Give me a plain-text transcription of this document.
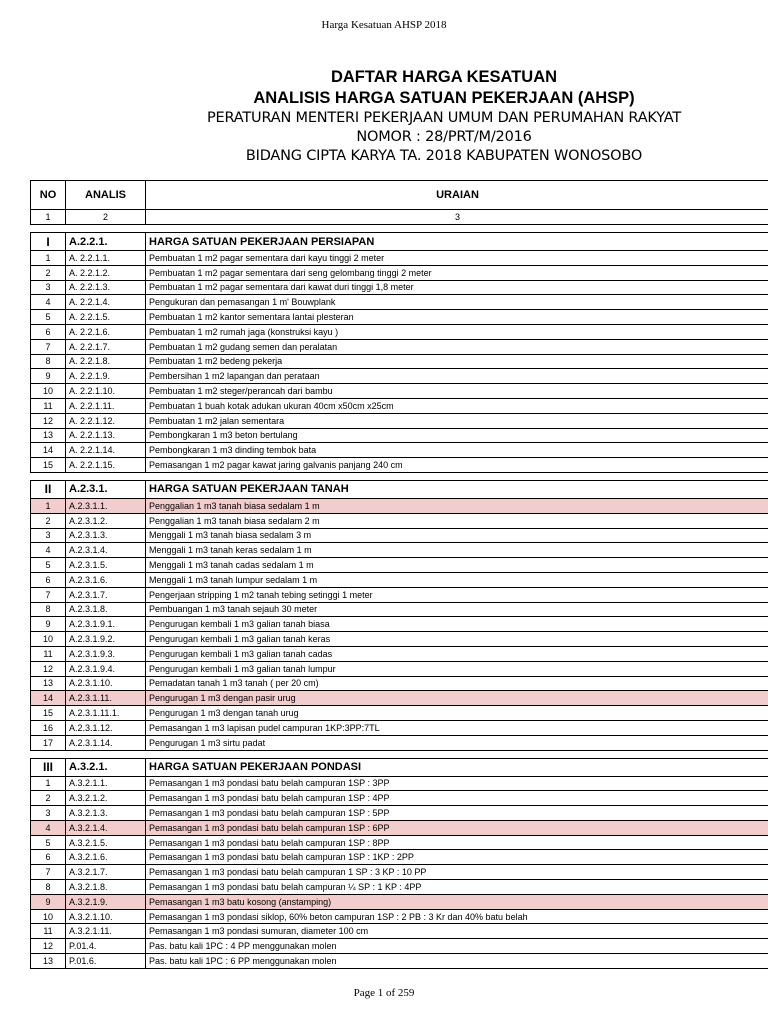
Harga Kesatuan AHSP 2018
DAFTAR HARGA KESATUAN
ANALISIS HARGA SATUAN PEKERJAAN (AHSP)
PERATURAN MENTERI PEKERJAAN UMUM DAN PERUMAHAN RAKYAT
NOMOR : 28/PRT/M/2016
BIDANG CIPTA KARYA TA. 2018 KABUPATEN WONOSOBO
NO	ANALIS	URAIAN
1	2	3

I	A.2.2.1.	HARGA SATUAN PEKERJAAN PERSIAPAN
1	A. 2.2.1.1.	Pembuatan 1 m2 pagar sementara dari kayu tinggi 2 meter
2	A. 2.2.1.2.	Pembuatan 1 m2 pagar sementara dari seng gelombang tinggi 2 meter
3	A. 2.2.1.3.	Pembuatan 1 m2 pagar sementara dari kawat duri tinggi 1,8 meter
4	A. 2.2.1.4.	Pengukuran dan pemasangan 1 m' Bouwplank
5	A. 2.2.1.5.	Pembuatan 1 m2 kantor sementara lantai plesteran
6	A. 2.2.1.6.	Pembuatan 1 m2 rumah jaga (konstruksi kayu )
7	A. 2.2.1.7.	Pembuatan 1 m2 gudang semen dan peralatan
8	A. 2.2.1.8.	Pembuatan 1 m2 bedeng pekerja
9	A. 2.2.1.9.	Pembersihan 1 m2 lapangan dan perataan
10	A. 2.2.1.10.	Pembuatan 1 m2 steger/perancah dari bambu
11	A. 2.2.1.11.	Pembuatan 1 buah kotak adukan ukuran 40cm x50cm x25cm
12	A. 2.2.1.12.	Pembuatan 1 m2 jalan sementara
13	A. 2.2.1.13.	Pembongkaran 1 m3 beton bertulang
14	A. 2.2.1.14.	Pembongkaran 1 m3 dinding tembok bata
15	A. 2.2.1.15.	Pemasangan 1 m2 pagar kawat jaring galvanis panjang 240 cm

II	A.2.3.1.	HARGA SATUAN PEKERJAAN TANAH
1	A.2.3.1.1.	Penggalian 1 m3 tanah biasa sedalam 1 m
2	A.2.3.1.2.	Penggalian 1 m3 tanah biasa sedalam 2 m
3	A.2.3.1.3.	Menggali 1 m3 tanah biasa sedalam 3 m
4	A.2.3.1.4.	Menggali 1 m3 tanah keras sedalam 1 m
5	A.2.3.1.5.	Menggali 1 m3 tanah cadas sedalam 1 m
6	A.2.3.1.6.	Menggali 1 m3 tanah lumpur sedalam 1 m
7	A.2.3.1.7.	Pengerjaan stripping 1 m2 tanah tebing setinggi 1 meter
8	A.2.3.1.8.	Pembuangan 1 m3 tanah sejauh 30 meter
9	A.2.3.1.9.1.	Pengurugan kembali 1 m3 galian tanah biasa
10	A.2.3.1.9.2.	Pengurugan kembali 1 m3 galian tanah keras
11	A.2.3.1.9.3.	Pengurugan kembali 1 m3 galian tanah cadas
12	A.2.3.1.9.4.	Pengurugan kembali 1 m3 galian tanah lumpur
13	A.2.3.1.10.	Pemadatan tanah 1 m3 tanah ( per 20 cm)
14	A.2.3.1.11.	Pengurugan 1 m3 dengan pasir urug
15	A.2.3.1.11.1.	Pengurugan 1 m3 dengan tanah urug
16	A.2.3.1.12.	Pemasangan 1 m3 lapisan pudel campuran 1KP:3PP:7TL
17	A.2.3.1.14.	Pengurugan 1 m3 sirtu padat

III	A.3.2.1.	HARGA SATUAN PEKERJAAN PONDASI
1	A.3.2.1.1.	Pemasangan 1 m3 pondasi batu belah campuran 1SP : 3PP
2	A.3.2.1.2.	Pemasangan 1 m3 pondasi batu belah campuran 1SP : 4PP
3	A.3.2.1.3.	Pemasangan 1 m3 pondasi batu belah campuran 1SP : 5PP
4	A.3.2.1.4.	Pemasangan 1 m3 pondasi batu belah campuran 1SP : 6PP
5	A.3.2.1.5.	Pemasangan 1 m3 pondasi batu belah campuran 1SP : 8PP
6	A.3.2.1.6.	Pemasangan 1 m3 pondasi batu belah campuran 1SP : 1KP : 2PP
7	A.3.2.1.7.	Pemasangan 1 m3 pondasi batu belah campuran 1 SP : 3 KP : 10 PP
8	A.3.2.1.8.	Pemasangan 1 m3 pondasi batu belah campuran ¼ SP : 1 KP : 4PP
9	A.3.2.1.9.	Pemasangan 1 m3 batu kosong (anstamping)
10	A.3.2.1.10.	Pemasangan 1 m3 pondasi siklop, 60% beton campuran 1SP : 2 PB : 3 Kr dan 40% batu belah
11	A.3.2.1.11.	Pemasangan 1 m3 pondasi sumuran, diameter 100 cm
12	P.01.4.	Pas. batu kali 1PC : 4 PP menggunakan molen
13	P.01.6.	Pas. batu kali 1PC : 6 PP menggunakan molen
Page 1 of 259
